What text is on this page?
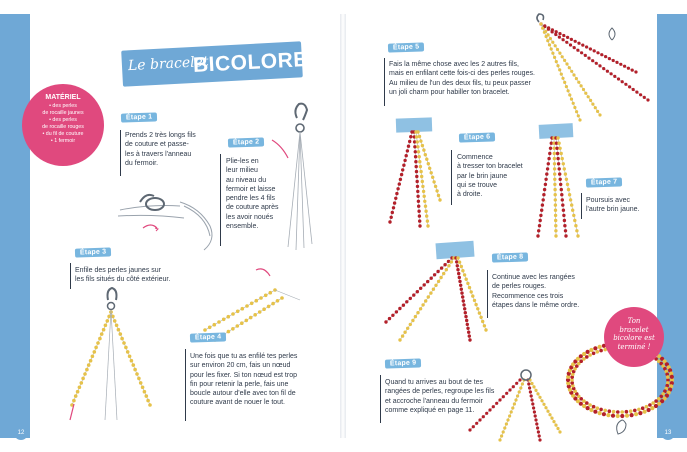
Le bracelet
BICOLORE
MATÉRIEL
• des perles
de rocaille jaunes
• des perles
de rocaille rouges
• du fil de couture
• 1 fermoir
Étape 1
Prends 2 très longs fils
de couture et passe-
les à travers l'anneau
du fermoir.
Étape 2
Plie-les en
leur milieu
au niveau du
fermoir et laisse
pendre les 4 fils
de couture après
les avoir noués
ensemble.
Étape 3
Enfile des perles jaunes sur
les fils situés du côté extérieur.
Étape 4
Une fois que tu as enfilé tes perles
sur environ 20 cm, fais un nœud
pour les fixer. Si ton nœud est trop
fin pour retenir la perle, fais une
boucle autour d'elle avec ton fil de
couture avant de nouer le tout.
Étape 5
Fais la même chose avec les 2 autres fils,
mais en enfilant cette fois-ci des perles rouges.
Au milieu de l'un des deux fils, tu peux passer
un joli charm pour habiller ton bracelet.
Étape 6
Commence
à tresser ton bracelet
par le brin jaune
qui se trouve
à droite.
Étape 7
Poursuis avec
l'autre brin jaune.
Étape 8
Continue avec les rangées
de perles rouges.
Recommence ces trois
étapes dans le même ordre.
Étape 9
Quand tu arrives au bout de tes
rangées de perles, regroupe les fils
et accroche l'anneau du fermoir
comme expliqué en page 11.
Ton
bracelet
bicolore est
terminé !
12	13
